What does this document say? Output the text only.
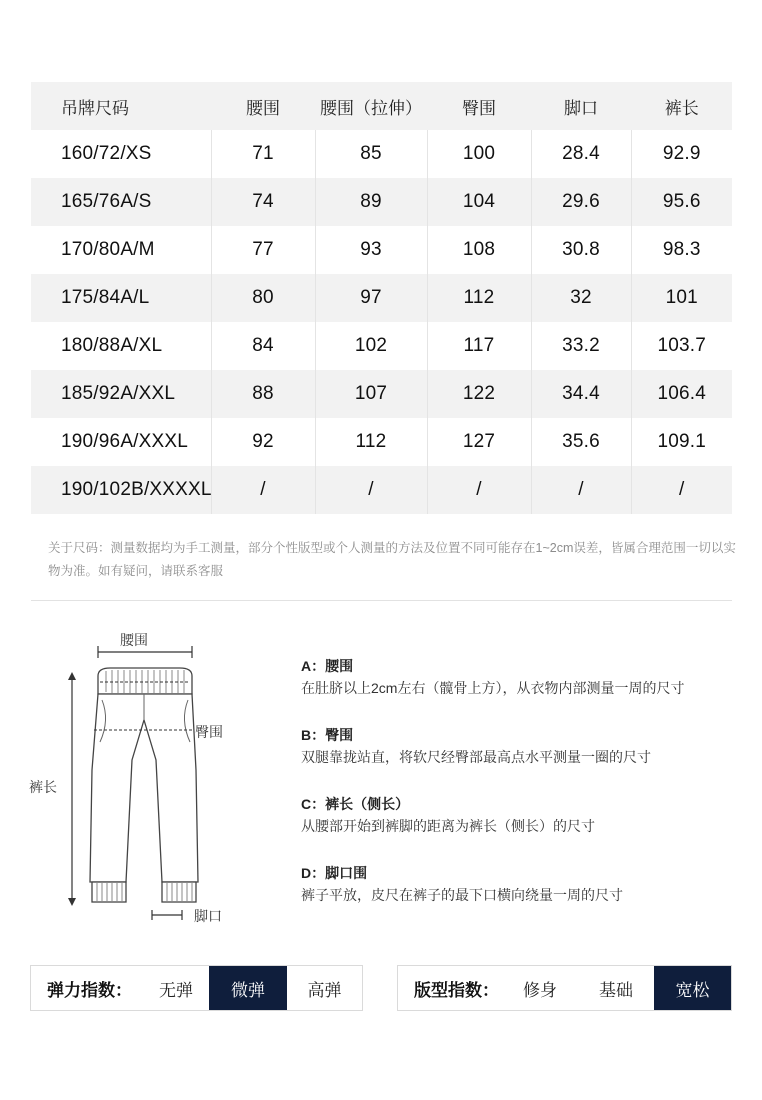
吊牌尺码	腰围	腰围（拉伸）	臀围	脚口	裤长
160/72/XS	71	85	100	28.4	92.9
165/76A/S	74	89	104	29.6	95.6
170/80A/M	77	93	108	30.8	98.3
175/84A/L	80	97	112	32	101
180/88A/XL	84	102	117	33.2	103.7
185/92A/XXL	88	107	122	34.4	106.4
190/96A/XXXL	92	112	127	35.6	109.1
190/102B/XXXXL	/	/	/	/	/

关于尺码：测量数据均为手工测量，部分个性版型或个人测量的方法及位置不同可能存在1~2cm误差，皆属合理范围一切以实物为准。如有疑问，请联系客服

腰围
臀围
裤长
脚口
A：腰围
在肚脐以上2cm左右（髋骨上方），从衣物内部测量一周的尺寸
B：臀围
双腿靠拢站直，将软尺经臀部最高点水平测量一圈的尺寸
C：裤长（侧长）
从腰部开始到裤脚的距离为裤长（侧长）的尺寸
D：脚口围
裤子平放，皮尺在裤子的最下口横向绕量一周的尺寸
弹力指数：	无弹	微弹	高弹	版型指数：	修身	基础	宽松
